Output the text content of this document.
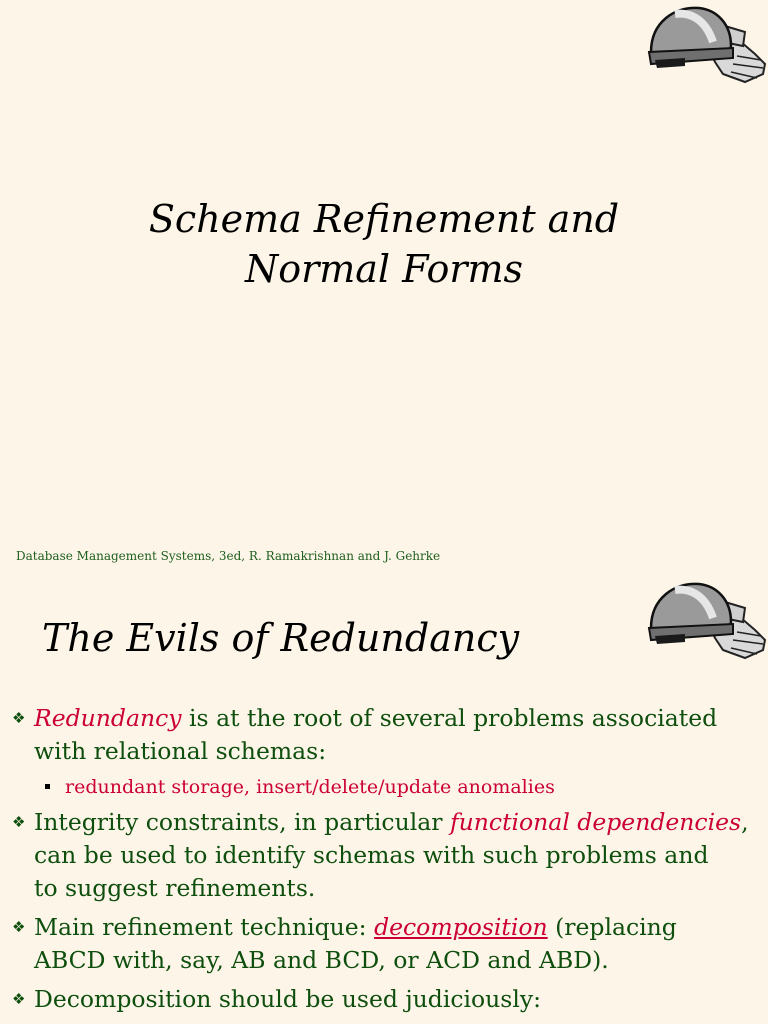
Schema Refinement and
Normal Forms
Database Management Systems, 3ed, R. Ramakrishnan and J. Gehrke
The Evils of Redundancy
❖ Redundancy is at the root of several problems associated
with relational schemas:
redundant storage, insert/delete/update anomalies
❖ Integrity constraints, in particular functional dependencies,
can be used to identify schemas with such problems and
to suggest refinements.
❖ Main refinement technique: decomposition (replacing
ABCD with, say, AB and BCD, or ACD and ABD).
❖ Decomposition should be used judiciously:
